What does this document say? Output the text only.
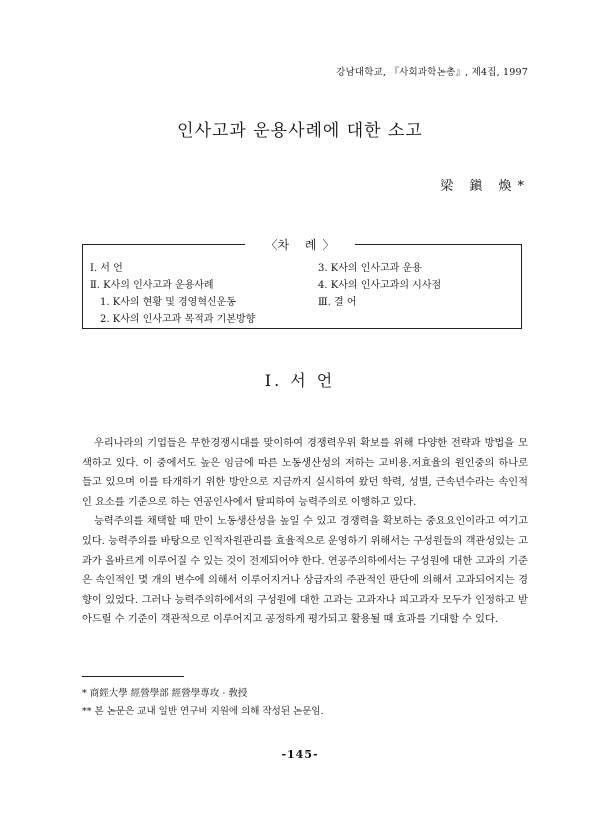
강남대학교, 『사회과학논총』, 제4집, 1997
인사고과 운용사례에 대한 소고
梁 鎭 煥*
〈차 례〉
Ⅰ. 서 언
Ⅱ. K사의 인사고과 운용사례
1. K사의 현황 및 경영혁신운동
2. K사의 인사고과 목적과 기본방향
3. K사의 인사고과 운용
4. K사의 인사고과의 시사점
Ⅲ. 결 어
Ⅰ. 서 언

우리나라의 기업들은 무한경쟁시대를 맞이하여 경쟁력우위 확보를 위해 다양한 전략과 방법을 모색하고 있다. 이 중에서도 높은 임금에 따른 노동생산성의 저하는 고비용.저효율의 원인중의 하나로 들고 있으며 이를 타개하기 위한 방안으로 지금까지 실시하여 왔던 학력, 성별, 근속년수라는 속인적인 요소를 기준으로 하는 연공인사에서 탈피하여 능력주의로 이행하고 있다.

능력주의를 채택할 때 만이 노동생산성을 높일 수 있고 경쟁력을 확보하는 중요요인이라고 여기고 있다. 능력주의를 바탕으로 인적자원관리를 효율적으로 운영하기 위해서는 구성원들의 객관성있는 고과가 올바르게 이루어질 수 있는 것이 전제되어야 한다. 연공주의하에서는 구성원에 대한 고과의 기준은 속인적인 몇 개의 변수에 의해서 이루어지거나 상급자의 주관적인 판단에 의해서 고과되어지는 경향이 있었다. 그러나 능력주의하에서의 구성원에 대한 고과는 고과자나 피고과자 모두가 인정하고 받아드릴 수 기준이 객관적으로 이루어지고 공정하게 평가되고 활용될 때 효과를 기대할 수 있다.

* 商經大學 經營學部 經營學專攻 · 敎授
** 본 논문은 교내 일반 연구비 지원에 의해 작성된 논문임.
-145-
